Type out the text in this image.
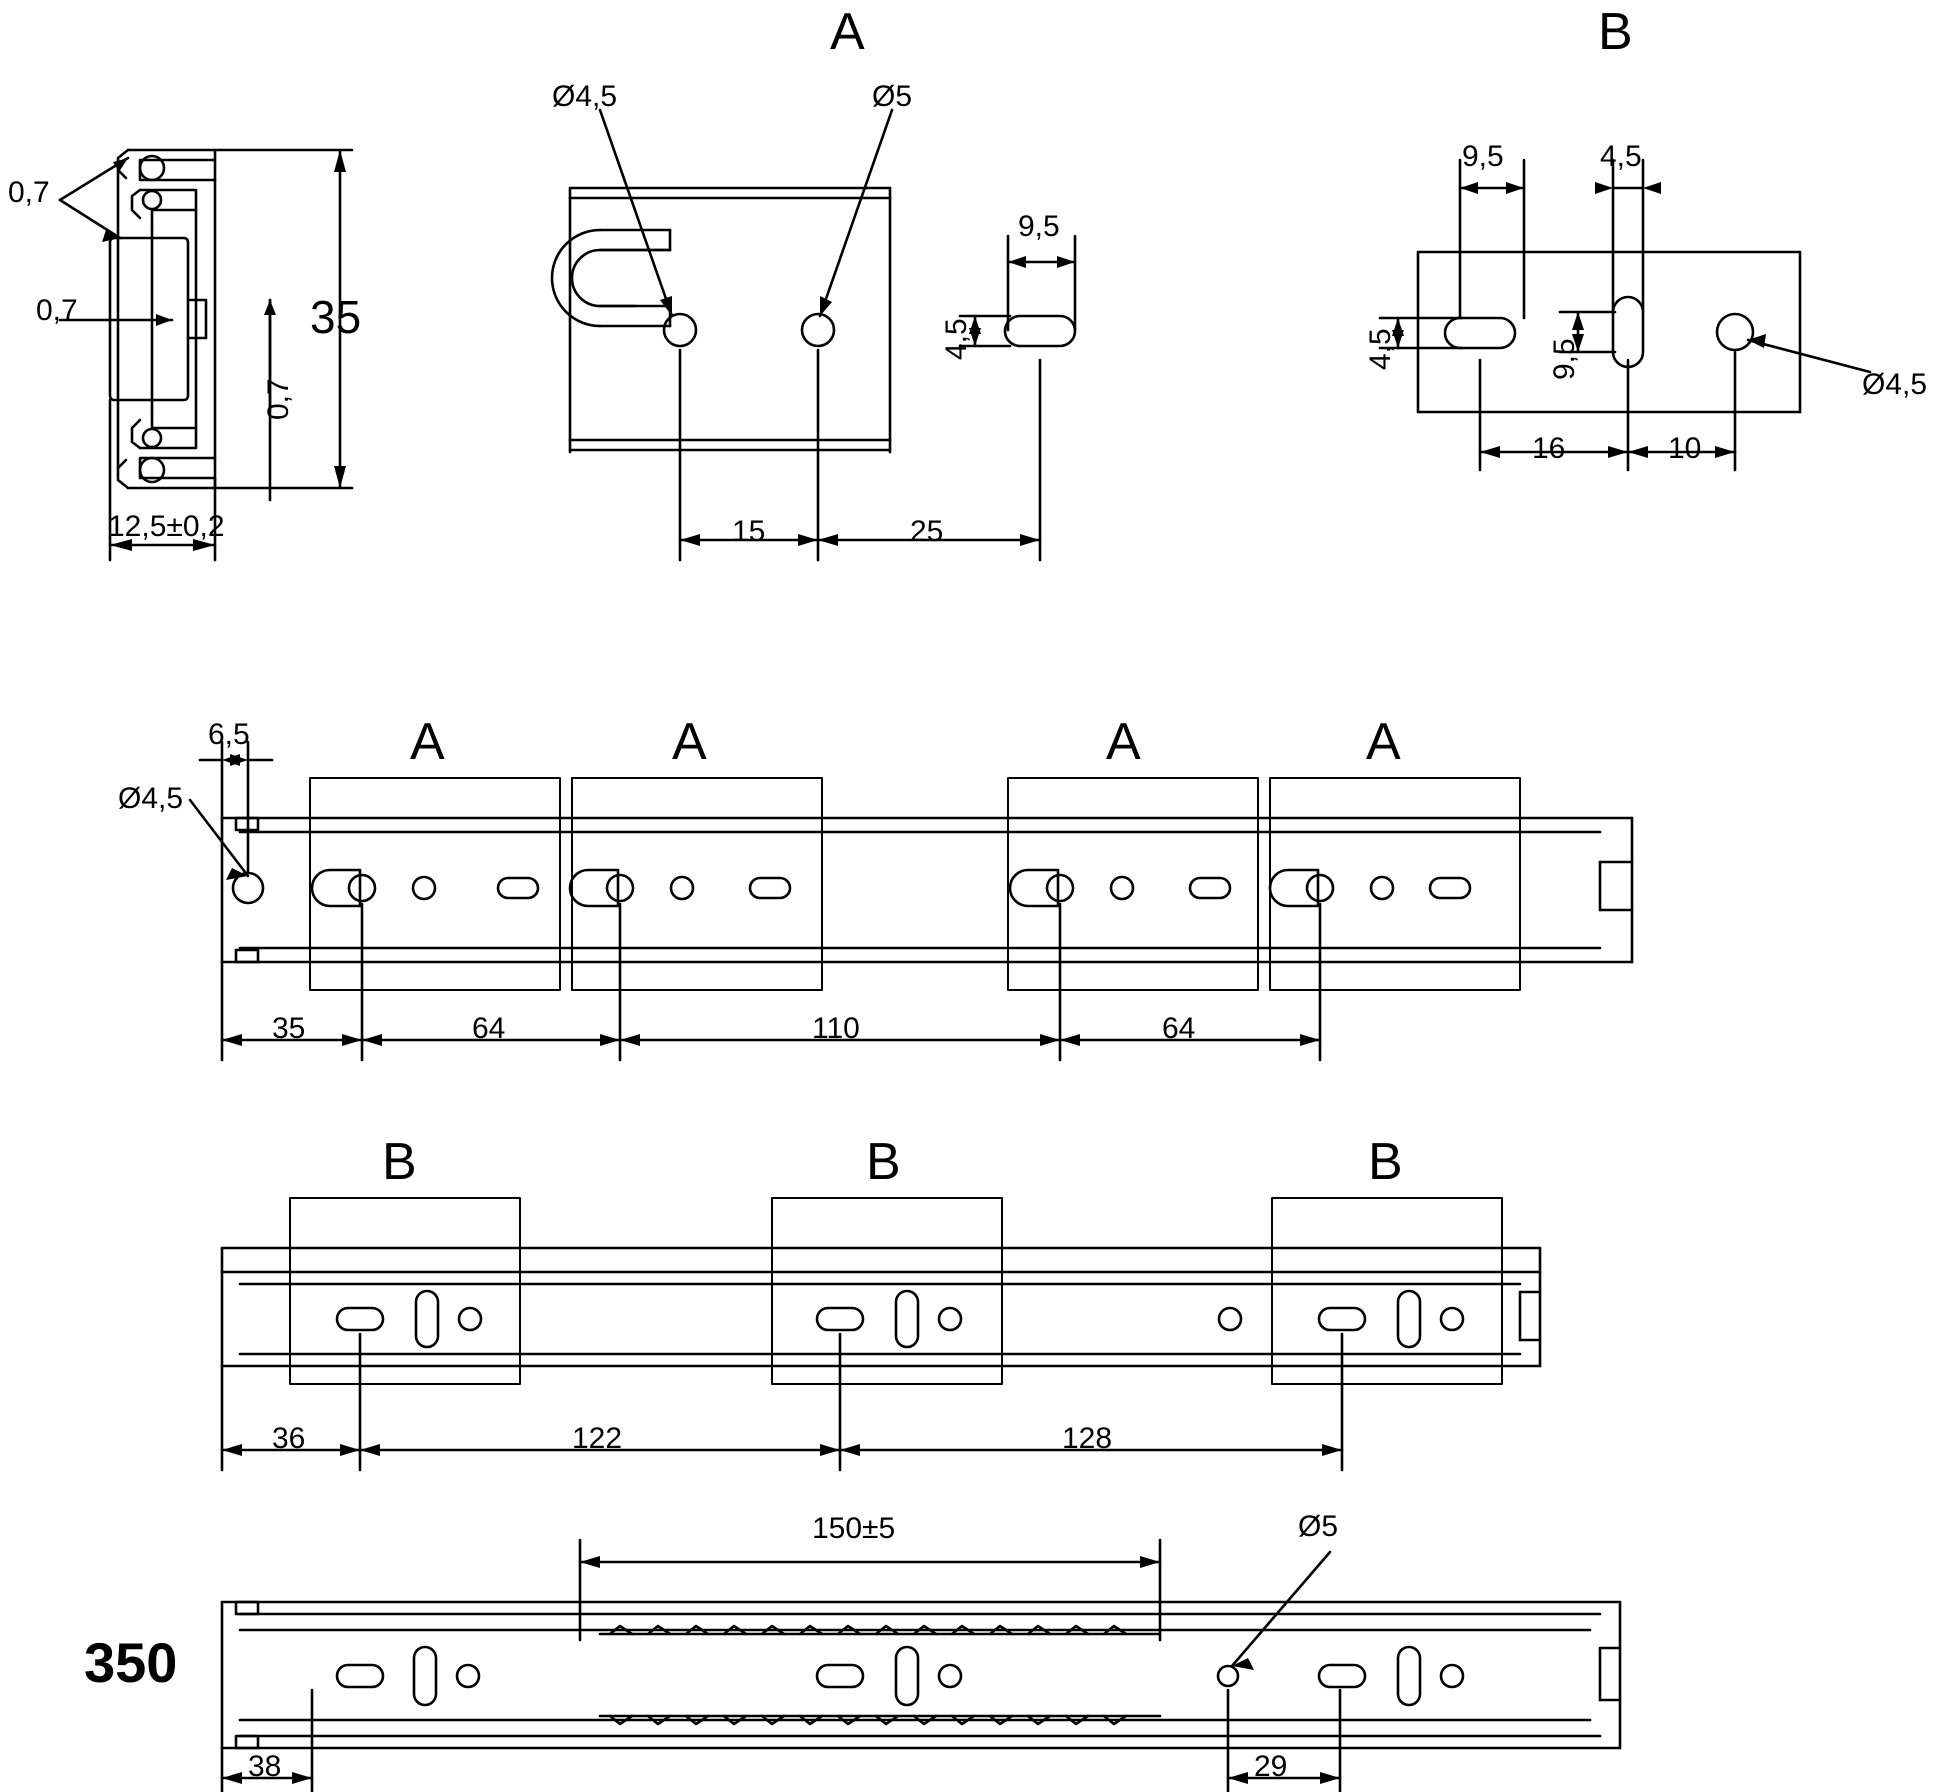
A	B
0,7
0,7
0,7
35
12,5±0,2
Ø4,5	Ø5
9,5
4,5
15	25
9,5	4,5
4,5	9,5
Ø4,5
16	10
6,5
Ø4,5
A	A	A	A
35	64	110	64
B	B	B
36	122	128
350
150±5	Ø5
38	29
